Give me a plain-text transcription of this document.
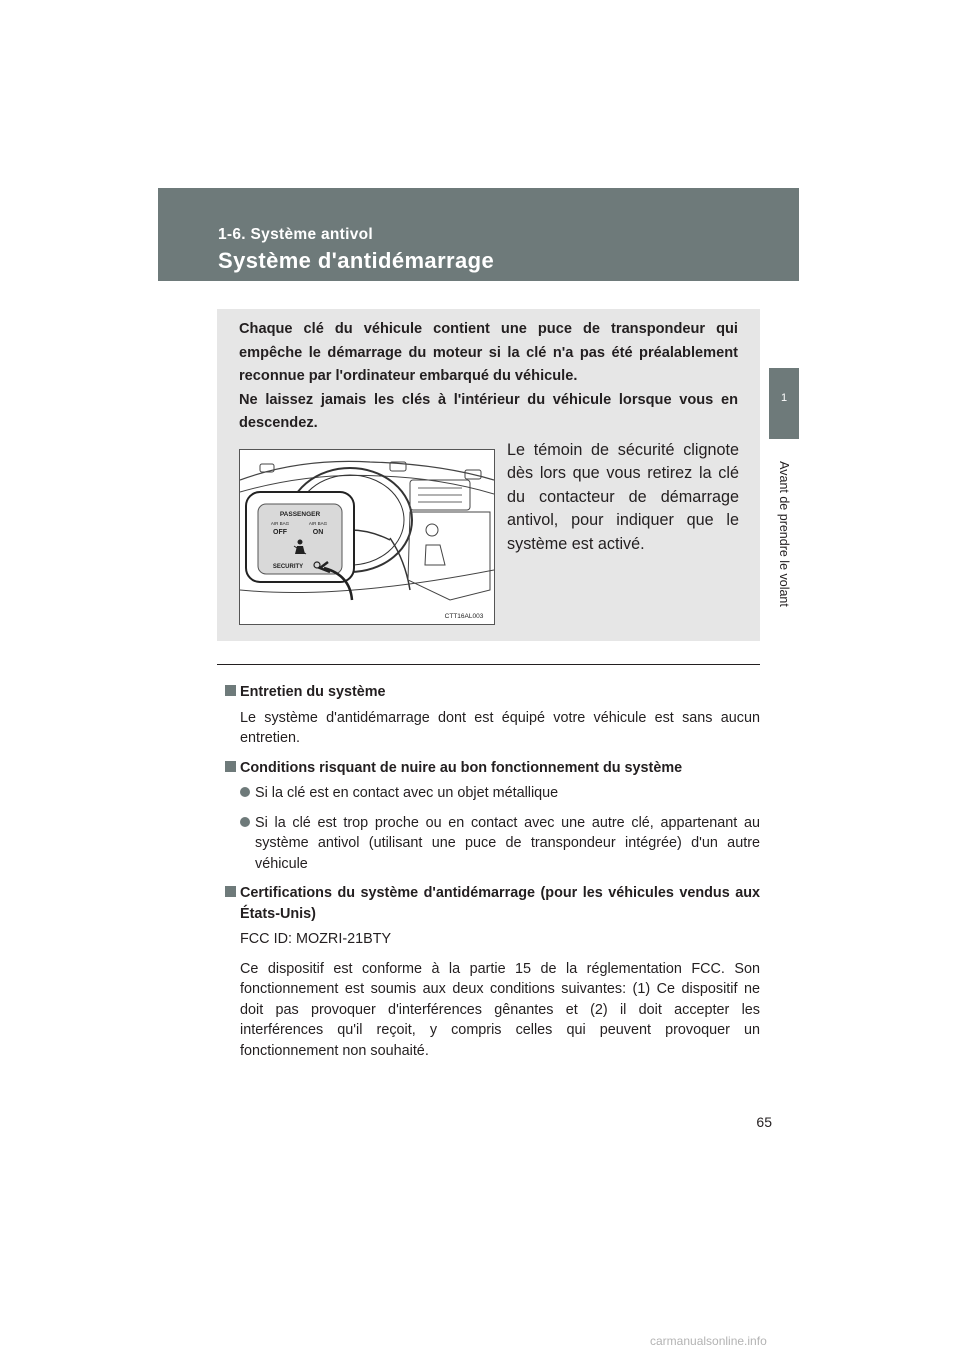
1-6. Système antivol
Système d'antidémarrage
1
Avant de prendre le volant

Chaque clé du véhicule contient une puce de transpondeur qui empêche le démarrage du moteur si la clé n'a pas été préalablement reconnue par l'ordinateur embarqué du véhicule.

Ne laissez jamais les clés à l'intérieur du véhicule lorsque vous en descendez.

PASSENGER
AIR BAG	AIR BAG
OFF	ON
SECURITY
CTT16AL003

Le témoin de sécurité clignote dès lors que vous retirez la clé du contacteur de démarrage antivol, pour indiquer que le système est activé.

Entretien du système

Le système d'antidémarrage dont est équipé votre véhicule est sans aucun entretien.

Conditions risquant de nuire au bon fonctionnement du système
Si la clé est en contact avec un objet métallique
Si la clé est trop proche ou en contact avec une autre clé, appartenant au système antivol (utilisant une puce de transpondeur intégrée) d'un autre véhicule
Certifications du système d'antidémarrage (pour les véhicules vendus aux États-Unis)

FCC ID: MOZRI-21BTY

Ce dispositif est conforme à la partie 15 de la réglementation FCC. Son fonctionnement est soumis aux deux conditions suivantes: (1) Ce dispositif ne doit pas provoquer d'interférences gênantes et (2) il doit accepter les interférences qu'il reçoit, y compris celles qui peuvent provoquer un fonctionnement non souhaité.

65
carmanualsonline.info
